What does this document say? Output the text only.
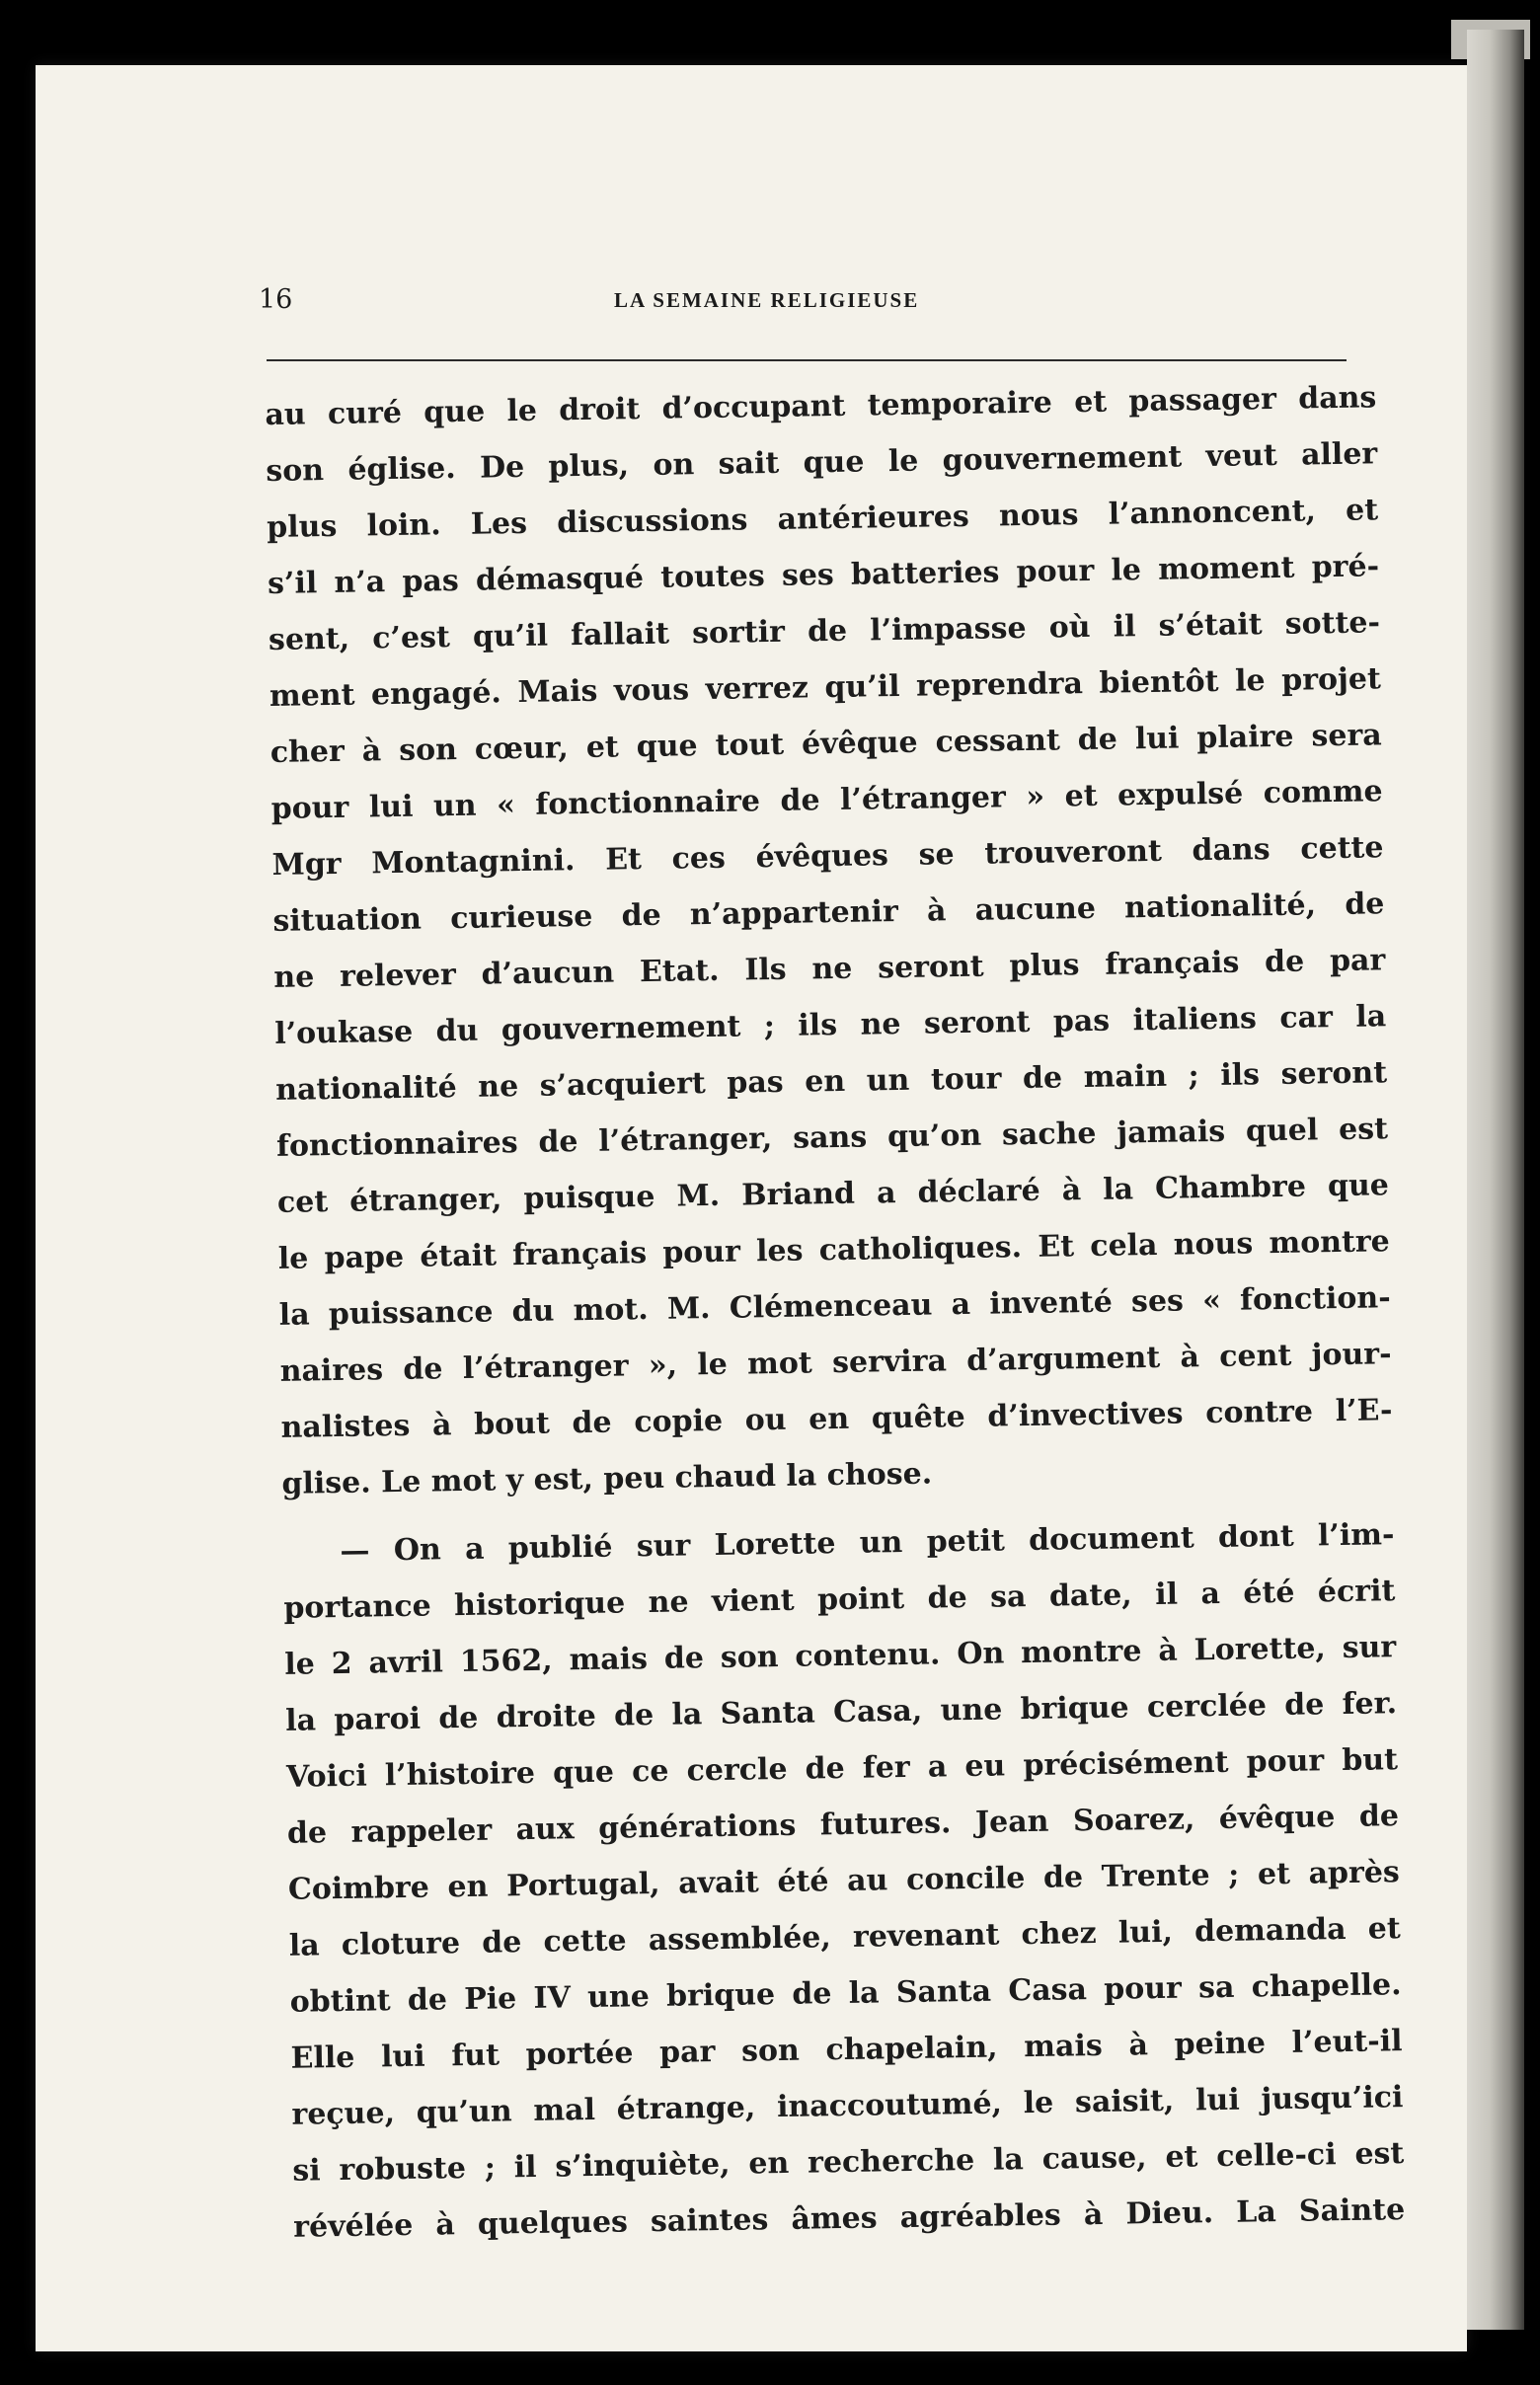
16	LA SEMAINE RELIGIEUSE
au curé que le droit d’occupant temporaire et passager dans
son église. De plus, on sait que le gouvernement veut aller
plus loin. Les discussions antérieures nous l’annoncent, et
s’il n’a pas démasqué toutes ses batteries pour le moment pré-
sent, c’est qu’il fallait sortir de l’impasse où il s’était sotte-
ment engagé. Mais vous verrez qu’il reprendra bientôt le projet
cher à son cœur, et que tout évêque cessant de lui plaire sera
pour lui un « fonctionnaire de l’étranger » et expulsé comme
Mgr Montagnini. Et ces évêques se trouveront dans cette
situation curieuse de n’appartenir à aucune nationalité, de
ne relever d’aucun Etat. Ils ne seront plus français de par
l’oukase du gouvernement ; ils ne seront pas italiens car la
nationalité ne s’acquiert pas en un tour de main ; ils seront
fonctionnaires de l’étranger, sans qu’on sache jamais quel est
cet étranger, puisque M. Briand a déclaré à la Chambre que
le pape était français pour les catholiques. Et cela nous montre
la puissance du mot. M. Clémenceau a inventé ses « fonction-
naires de l’étranger », le mot servira d’argument à cent jour-
nalistes à bout de copie ou en quête d’invectives contre l’E-
glise. Le mot y est, peu chaud la chose.
— On a publié sur Lorette un petit document dont l’im-
portance historique ne vient point de sa date, il a été écrit
le 2 avril 1562, mais de son contenu. On montre à Lorette, sur
la paroi de droite de la Santa Casa, une brique cerclée de fer.
Voici l’histoire que ce cercle de fer a eu précisément pour but
de rappeler aux générations futures. Jean Soarez, évêque de
Coimbre en Portugal, avait été au concile de Trente ; et après
la cloture de cette assemblée, revenant chez lui, demanda et
obtint de Pie IV une brique de la Santa Casa pour sa chapelle.
Elle lui fut portée par son chapelain, mais à peine l’eut-il
reçue, qu’un mal étrange, inaccoutumé, le saisit, lui jusqu’ici
si robuste ; il s’inquiète, en recherche la cause, et celle-ci est
révélée à quelques saintes âmes agréables à Dieu. La Sainte
